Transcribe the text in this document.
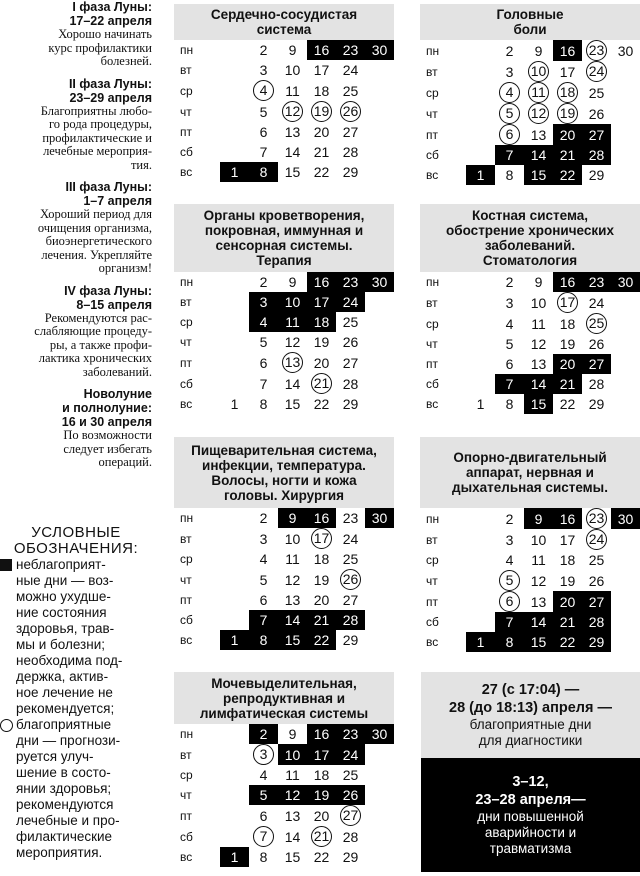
I фаза Луны:
17–22 апреля
Хорошо начинать
курс профилактики
болезней.
II фаза Луны:
23–29 апреля
Благоприятны любо-
го рода процедуры,
профилактические и
лечебные мероприя-
тия.
III фаза Луны:
1–7 апреля
Хороший период для
очищения организма,
биоэнергетического
лечения. Укрепляйте
организм!
IV фаза Луны:
8–15 апреля
Рекомендуются рас-
слабляющие процеду-
ры, а также профи-
лактика хронических
заболеваний.
Новолуние
и полнолуние:
16 и 30 апреля
По возможности
следует избегать
операций.
УСЛОВНЫЕ
ОБОЗНАЧЕНИЯ:
неблагоприят-
ные дни — воз-
можно ухудше-
ние состояния
здоровья, трав-
мы и болезни;
необходима под-
держка, актив-
ное лечение не
рекомендуется;
благоприятные
дни — прогнози-
руется улуч-
шение в состо-
янии здоровья;
рекомендуются
лечебные и про-
филактические
мероприятия.
Сердечно-сосудистая
система
пн		2	9	16	23	30
вт		3	10	17	24	
ср		4	11	18	25	
чт		5	12	19	26	
пт		6	13	20	27	
сб		7	14	21	28	
вс	1	8	15	22	29	
Головные
боли
пн		2	9	16	23	30
вт		3	10	17	24	
ср		4	11	18	25	
чт		5	12	19	26	
пт		6	13	20	27	
сб		7	14	21	28	
вс	1	8	15	22	29	
Органы кроветворения,
покровная, иммунная и
сенсорная системы.
Терапия
пн		2	9	16	23	30
вт		3	10	17	24	
ср		4	11	18	25	
чт		5	12	19	26	
пт		6	13	20	27	
сб		7	14	21	28	
вс	1	8	15	22	29	
Костная система,
обострение хронических
заболеваний.
Стоматология
пн		2	9	16	23	30
вт		3	10	17	24	
ср		4	11	18	25	
чт		5	12	19	26	
пт		6	13	20	27	
сб		7	14	21	28	
вс	1	8	15	22	29	
Пищеварительная система,
инфекции, температура.
Волосы, ногти и кожа
головы. Хирургия
пн		2	9	16	23	30
вт		3	10	17	24	
ср		4	11	18	25	
чт		5	12	19	26	
пт		6	13	20	27	
сб		7	14	21	28	
вс	1	8	15	22	29	
Опорно-двигательный
аппарат, нервная и
дыхательная системы.
пн		2	9	16	23	30
вт		3	10	17	24	
ср		4	11	18	25	
чт		5	12	19	26	
пт		6	13	20	27	
сб		7	14	21	28	
вс	1	8	15	22	29	
Мочевыделительная,
репродуктивная и
лимфатическая системы
пн		2	9	16	23	30
вт		3	10	17	24	
ср		4	11	18	25	
чт		5	12	19	26	
пт		6	13	20	27	
сб		7	14	21	28	
вс	1	8	15	22	29	
27 (с 17:04) —
28 (до 18:13) апреля —
благоприятные дни
для диагностики
3–12,
23–28 апреля—
дни повышенной
аварийности и
травматизма
